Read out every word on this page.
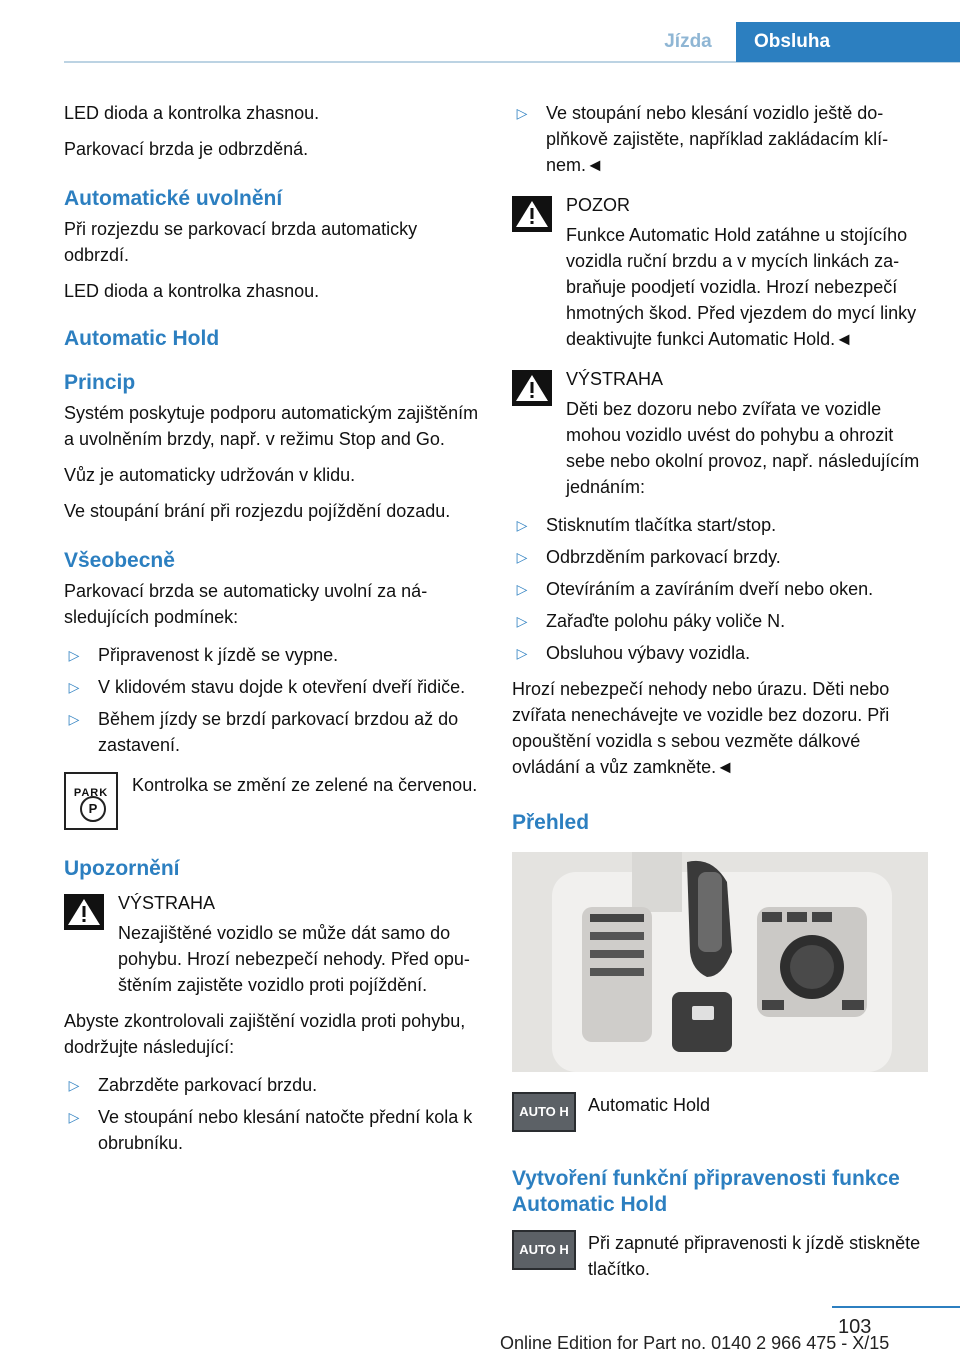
Jízda	Obsluha

LED dioda a kontrolka zhasnou.

Parkovací brzda je odbrzděná.

Automatické uvolnění

Při rozjezdu se parkovací brzda automaticky odbrzdí.

LED dioda a kontrolka zhasnou.

Automatic Hold
Princip

Systém poskytuje podporu automatickým zajištěním a uvolněním brzdy, např. v režimu Stop and Go.

Vůz je automaticky udržován v klidu.

Ve stoupání brání při rozjezdu pojíždění dozadu.

Všeobecně

Parkovací brzda se automaticky uvolní za následujících podmínek:

▷ Připravenost k jízdě se vypne.
▷ V klidovém stavu dojde k otevření dveří řidiče.
▷ Během jízdy se brzdí parkovací brzdou až do zastavení.
PARK
P
Kontrolka se změní ze zelené na červenou.
Upozornění
VÝSTRAHA
Nezajištěné vozidlo se může dát samo do pohybu. Hrozí nebezpečí nehody. Před opuštěním zajistěte vozidlo proti pojíždění.

Abyste zkontrolovali zajištění vozidla proti pohybu, dodržujte následující:

▷ Zabrzděte parkovací brzdu.
▷ Ve stoupání nebo klesání natočte přední kola k obrubníku.
▷ Ve stoupání nebo klesání vozidlo ještě doplňkově zajistěte, například zakládacím klínem.◄
POZOR
Funkce Automatic Hold zatáhne u stojícího vozidla ruční brzdu a v mycích linkách zabraňuje poodjetí vozidla. Hrozí nebezpečí hmotných škod. Před vjezdem do mycí linky deaktivujte funkci Automatic Hold.◄
VÝSTRAHA
Děti bez dozoru nebo zvířata ve vozidle mohou vozidlo uvést do pohybu a ohrozit sebe nebo okolní provoz, např. následujícím jednáním:
▷ Stisknutím tlačítka start/stop.
▷ Odbrzděním parkovací brzdy.
▷ Otevíráním a zavíráním dveří nebo oken.
▷ Zařaďte polohu páky voliče N.
▷ Obsluhou výbavy vozidla.

Hrozí nebezpečí nehody nebo úrazu. Děti nebo zvířata nenechávejte ve vozidle bez dozoru. Při opouštění vozidla s sebou vezměte dálkové ovládání a vůz zamkněte.◄

Přehled
AUTO H	Automatic Hold
Vytvoření funkční připravenosti funkce Automatic Hold
AUTO H	Při zapnuté připravenosti k jízdě stiskněte tlačítko.
103
Online Edition for Part no. 0140 2 966 475 - X/15
